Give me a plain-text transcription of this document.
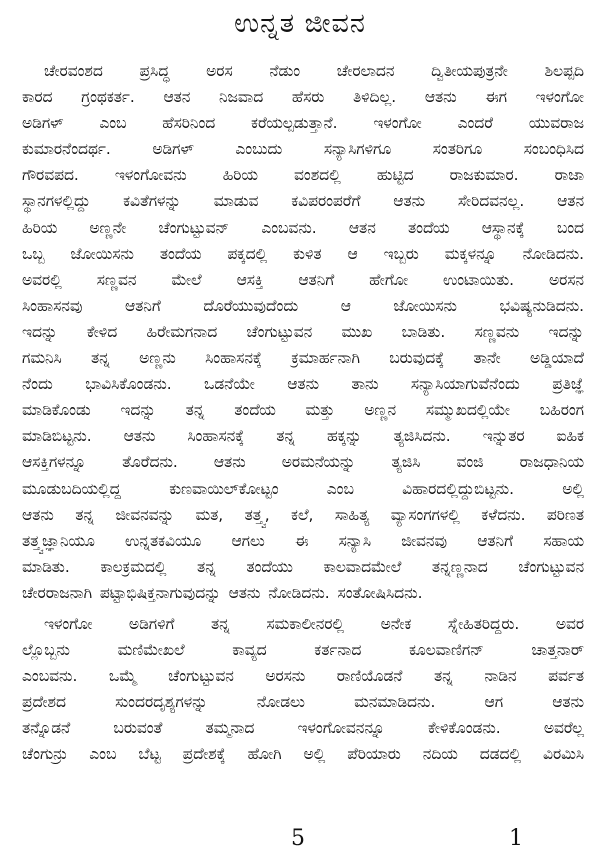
ಉನ್ನತ ಜೀವನ

ಚೇರವಂಶದ ಪ್ರಸಿದ್ಧ ಅರಸ ನೆಡುಂ ಚೇರಲಾದನ ದ್ವಿತೀಯಪುತ್ರನೇ ಶಿಲಪ್ಪದಿ
ಕಾರದ ಗ್ರಂಥಕರ್ತ. ಆತನ ನಿಜವಾದ ಹೆಸರು ತಿಳಿದಿಲ್ಲ. ಆತನು ಈಗ ಇಳಂಗೋ
ಅಡಿಗಳ್ ಎಂಬ ಹೆಸರಿನಿಂದ ಕರೆಯಲ್ಪಡುತ್ತಾನೆ. ಇಳಂಗೋ ಎಂದರೆ ಯುವರಾಜ
ಕುಮಾರನೆಂದರ್ಥ. ಅಡಿಗಳ್ ಎಂಬುದು ಸನ್ಯಾಸಿಗಳಿಗೂ ಸಂತರಿಗೂ ಸಂಬಂಧಿಸಿದ
ಗೌರವಪದ. ಇಳಂಗೋವನು ಹಿರಿಯ ವಂಶದಲ್ಲಿ ಹುಟ್ಟಿದ ರಾಜಕುಮಾರ. ರಾಜಾ
ಸ್ಥಾನಗಳಲ್ಲಿದ್ದು ಕವಿತೆಗಳನ್ನು ಮಾಡುವ ಕವಿಪರಂಪರೆಗೆ ಆತನು ಸೇರಿದವನಲ್ಲ. ಆತನ
ಹಿರಿಯ ಅಣ್ಣನೇ ಚೆಂಗುಟ್ಟುವನ್ ಎಂಬವನು. ಆತನ ತಂದೆಯ ಆಸ್ಥಾನಕ್ಕೆ ಬಂದ
ಒಬ್ಬ ಜೋಯಿಸನು ತಂದೆಯ ಪಕ್ಕದಲ್ಲಿ ಕುಳಿತ ಆ ಇಬ್ಬರು ಮಕ್ಕಳನ್ನೂ ನೋಡಿದನು.
ಅವರಲ್ಲಿ ಸಣ್ಣವನ ಮೇಲೆ ಆಸಕ್ತಿ ಆತನಿಗೆ ಹೇಗೋ ಉಂಟಾಯಿತು. ಅರಸನ
ಸಿಂಹಾಸನವು ಆತನಿಗೆ ದೊರೆಯುವುದೆಂದು ಆ ಜೋಯಿಸನು ಭವಿಷ್ಯನುಡಿದನು.
ಇದನ್ನು ಕೇಳಿದ ಹಿರೇಮಗನಾದ ಚೆಂಗುಟ್ಟುವನ ಮುಖ ಬಾಡಿತು. ಸಣ್ಣವನು ಇದನ್ನು
ಗಮನಿಸಿ ತನ್ನ ಅಣ್ಣನು ಸಿಂಹಾಸನಕ್ಕೆ ಕ್ರಮಾರ್ಹನಾಗಿ ಬರುವುದಕ್ಕೆ ತಾನೇ ಅಡ್ಡಿಯಾದೆ
ನೆಂದು ಭಾವಿಸಿಕೊಂಡನು. ಒಡನೆಯೇ ಆತನು ತಾನು ಸನ್ಯಾಸಿಯಾಗುವೆನೆಂದು ಪ್ರತಿಜ್ಞೆ
ಮಾಡಿಕೊಂಡು ಇದನ್ನು ತನ್ನ ತಂದೆಯ ಮತ್ತು ಅಣ್ಣನ ಸಮ್ಮುಖದಲ್ಲಿಯೇ ಬಹಿರಂಗ
ಮಾಡಿಬಿಟ್ಟನು. ಆತನು ಸಿಂಹಾಸನಕ್ಕೆ ತನ್ನ ಹಕ್ಕನ್ನು ತ್ಯಜಿಸಿದನು. ಇನ್ನುತರ ಐಹಿಕ
ಆಸಕ್ತಿಗಳನ್ನೂ ತೊರೆದನು. ಆತನು ಅರಮನೆಯನ್ನು ತ್ಯಜಿಸಿ ವಂಜಿ ರಾಜಧಾನಿಯ
ಮೂಡುಬದಿಯಲ್ಲಿದ್ದ ಕುಣವಾಯಿಲ್‌ಕೋಟ್ಟಂ ಎಂಬ ವಿಹಾರದಲ್ಲಿದ್ದುಬಿಟ್ಟನು. ಅಲ್ಲಿ
ಆತನು ತನ್ನ ಜೀವನವನ್ನು ಮತ, ತತ್ತ್ವ, ಕಲೆ, ಸಾಹಿತ್ಯ ವ್ಯಾಸಂಗಗಳಲ್ಲಿ ಕಳೆದನು. ಪರಿಣತ
ತತ್ತ್ವಜ್ಞಾನಿಯೂ ಉನ್ನತಕವಿಯೂ ಆಗಲು ಈ ಸನ್ಯಾಸಿ ಜೀವನವು ಆತನಿಗೆ ಸಹಾಯ
ಮಾಡಿತು. ಕಾಲಕ್ರಮದಲ್ಲಿ ತನ್ನ ತಂದೆಯು ಕಾಲವಾದಮೇಲೆ ತನ್ನಣ್ಣನಾದ ಚೆಂಗುಟ್ಟುವನ
ಚೇರರಾಜನಾಗಿ ಪಟ್ಟಾಭಿಷಿಕ್ತನಾಗುವುದನ್ನು ಆತನು ನೋಡಿದನು. ಸಂತೋಷಿಸಿದನು.

ಇಳಂಗೋ ಅಡಿಗಳಿಗೆ ತನ್ನ ಸಮಕಾಲೀನರಲ್ಲಿ ಅನೇಕ ಸ್ನೇಹಿತರಿದ್ದರು. ಅವರ
ಲ್ಲೊಬ್ಬನು ಮಣಿಮೇಖಲೆ ಕಾವ್ಯದ ಕರ್ತನಾದ ಕೂಲವಾಣಿಗನ್ ಚಾತ್ತನಾರ್
ಎಂಬವನು. ಒಮ್ಮೆ ಚೆಂಗುಟ್ಟುವನ ಅರಸನು ರಾಣಿಯೊಡನೆ ತನ್ನ ನಾಡಿನ ಪರ್ವತ
ಪ್ರದೇಶದ ಸುಂದರದೃಶ್ಯಗಳನ್ನು ನೋಡಲು ಮನಮಾಡಿದನು. ಆಗ ಆತನು
ತನ್ನೊಡನೆ ಬರುವಂತೆ ತಮ್ಮನಾದ ಇಳಂಗೋವನನ್ನೂ ಕೇಳಿಕೊಂಡನು. ಅವರೆಲ್ಲ
ಚೆಂಗುನ್ರು ಎಂಬ ಬೆಟ್ಟ ಪ್ರದೇಶಕ್ಕೆ ಹೋಗಿ ಅಲ್ಲಿ ಪೆರಿಯಾರು ನದಿಯ ದಡದಲ್ಲಿ ವಿರಮಿಸಿ

5	1
